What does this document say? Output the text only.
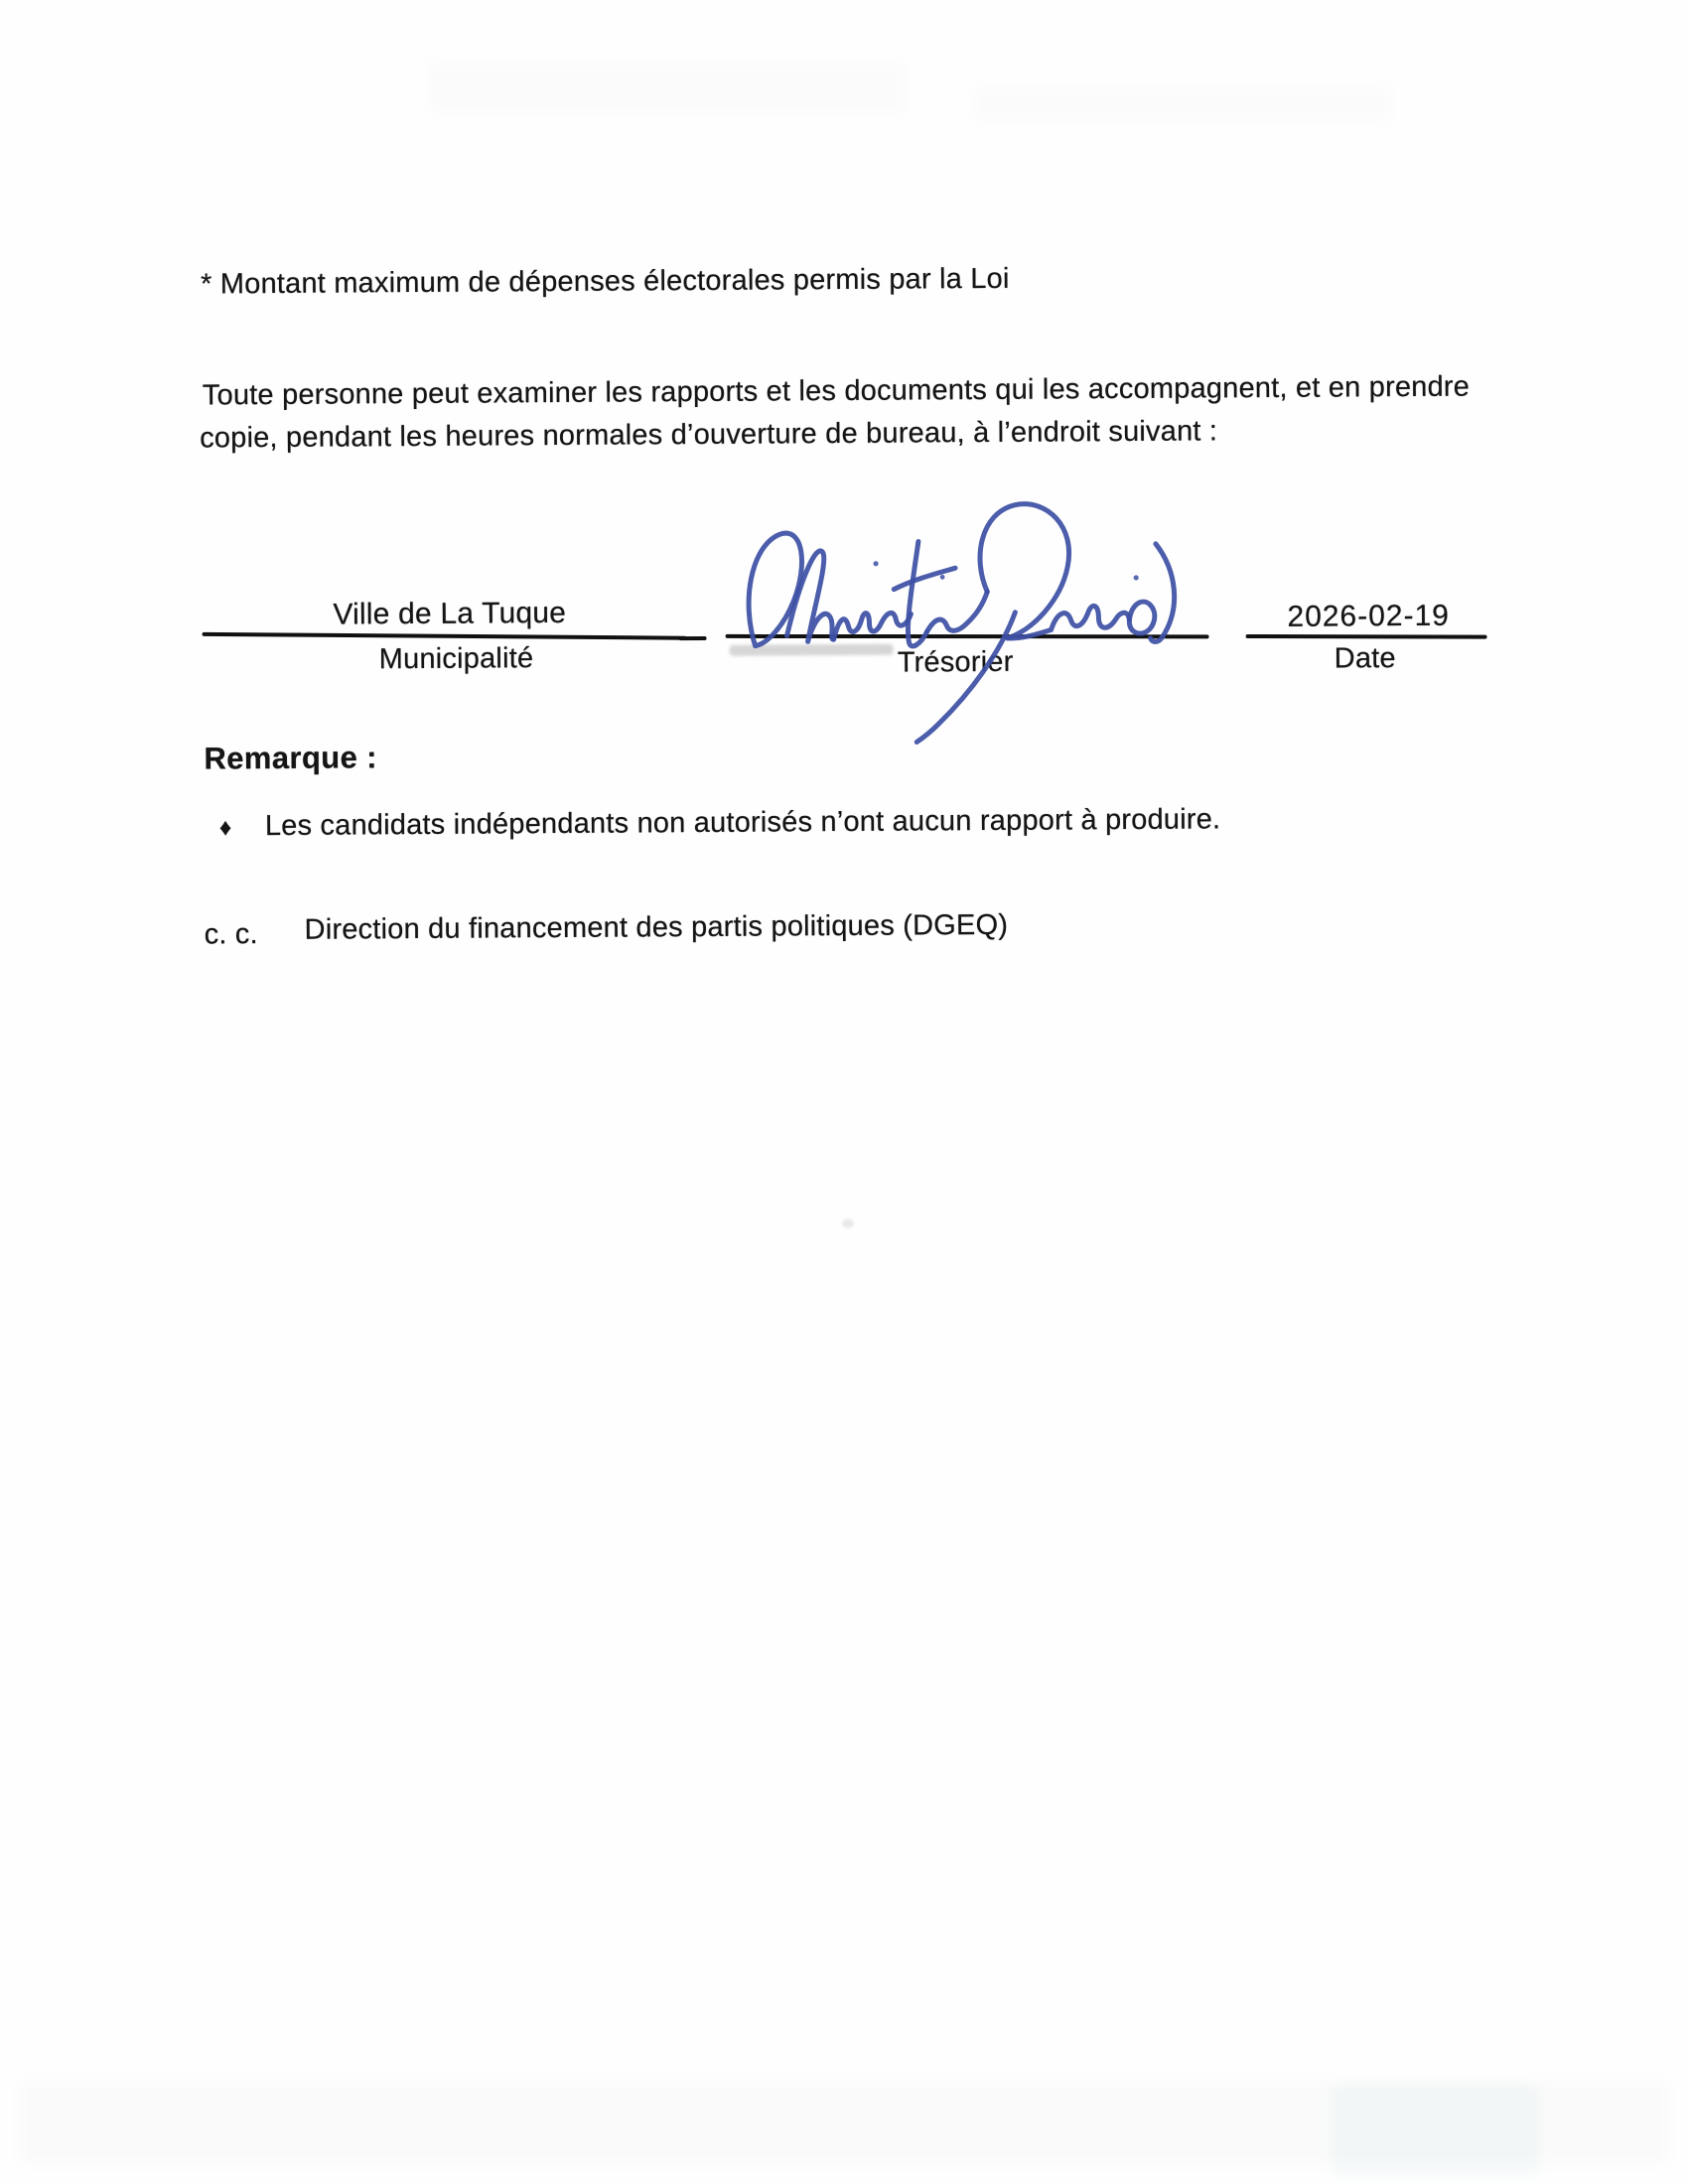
* Montant maximum de dépenses électorales permis par la Loi
Toute personne peut examiner les rapports et les documents qui les accompagnent, et en prendre
copie, pendant les heures normales d’ouverture de bureau, à l’endroit suivant :
Ville de La Tuque
Municipalité	Trésorier
2026-02-19
Date
Remarque :
♦ Les candidats indépendants non autorisés n’ont aucun rapport à produire.
c. c. Direction du financement des partis politiques (DGEQ)
